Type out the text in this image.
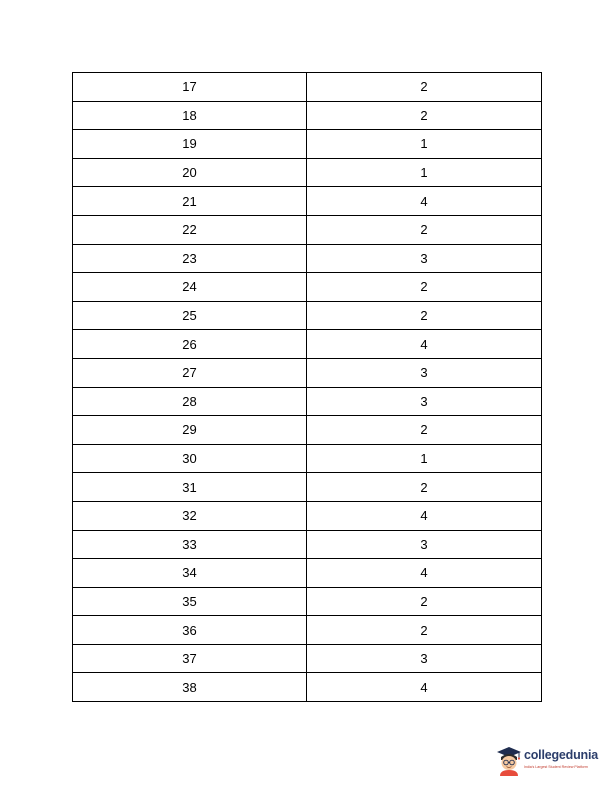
17	2
18	2
19	1
20	1
21	4
22	2
23	3
24	2
25	2
26	4
27	3
28	3
29	2
30	1
31	2
32	4
33	3
34	4
35	2
36	2
37	3
38	4
collegedunia
India's Largest Student Review Platform
